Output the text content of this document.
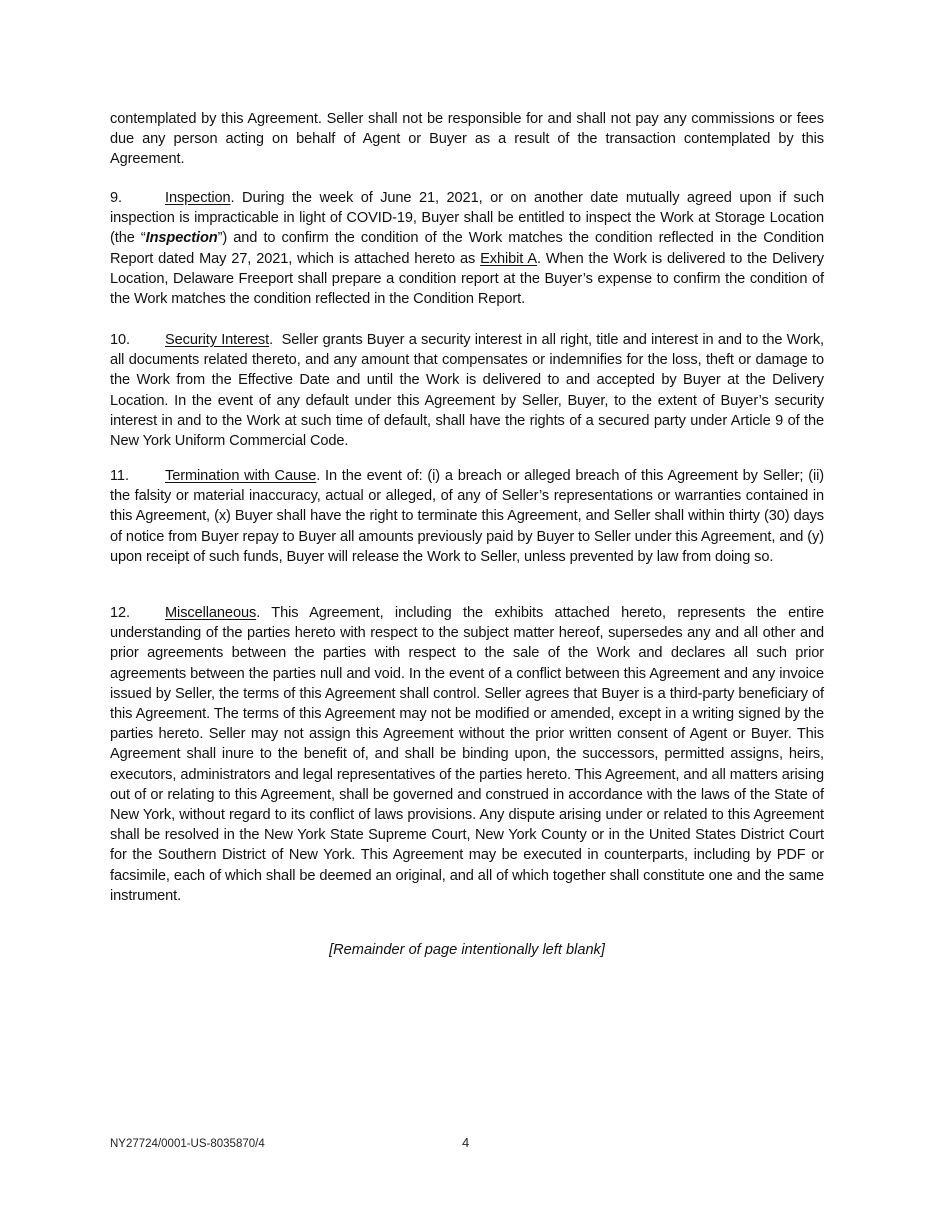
contemplated by this Agreement. Seller shall not be responsible for and shall not pay any commissions or fees due any person acting on behalf of Agent or Buyer as a result of the transaction contemplated by this Agreement.

9.	Inspection. During the week of June 21, 2021, or on another date mutually agreed upon if such inspection is impracticable in light of COVID-19, Buyer shall be entitled to inspect the Work at Storage Location (the “Inspection”) and to confirm the condition of the Work matches the condition reflected in the Condition Report dated May 27, 2021, which is attached hereto as Exhibit A. When the Work is delivered to the Delivery Location, Delaware Freeport shall prepare a condition report at the Buyer’s expense to confirm the condition of the Work matches the condition reflected in the Condition Report.

10. Security Interest.  Seller grants Buyer a security interest in all right, title and interest in and to the Work, all documents related thereto, and any amount that compensates or indemnifies for the loss, theft or damage to the Work from the Effective Date and until the Work is delivered to and accepted by Buyer at the Delivery Location. In the event of any default under this Agreement by Seller, Buyer, to the extent of Buyer’s security interest in and to the Work at such time of default, shall have the rights of a secured party under Article 9 of the New York Uniform Commercial Code.

11. Termination with Cause. In the event of: (i) a breach or alleged breach of this Agreement by Seller; (ii) the falsity or material inaccuracy, actual or alleged, of any of Seller’s representations or warranties contained in this Agreement, (x) Buyer shall have the right to terminate this Agreement, and Seller shall within thirty (30) days of notice from Buyer repay to Buyer all amounts previously paid by Buyer to Seller under this Agreement, and (y) upon receipt of such funds, Buyer will release the Work to Seller, unless prevented by law from doing so.

12. Miscellaneous. This Agreement, including the exhibits attached hereto, represents the entire understanding of the parties hereto with respect to the subject matter hereof, supersedes any and all other and prior agreements between the parties with respect to the sale of the Work and declares all such prior agreements between the parties null and void. In the event of a conflict between this Agreement and any invoice issued by Seller, the terms of this Agreement shall control. Seller agrees that Buyer is a third-party beneficiary of this Agreement. The terms of this Agreement may not be modified or amended, except in a writing signed by the parties hereto. Seller may not assign this Agreement without the prior written consent of Agent or Buyer. This Agreement shall inure to the benefit of, and shall be binding upon, the successors, permitted assigns, heirs, executors, administrators and legal representatives of the parties hereto. This Agreement, and all matters arising out of or relating to this Agreement, shall be governed and construed in accordance with the laws of the State of New York, without regard to its conflict of laws provisions. Any dispute arising under or related to this Agreement shall be resolved in the New York State Supreme Court, New York County or in the United States District Court for the Southern District of New York. This Agreement may be executed in counterparts, including by PDF or facsimile, each of which shall be deemed an original, and all of which together shall constitute one and the same instrument.

[Remainder of page intentionally left blank]
NY27724/0001-US-8035870/4	4
